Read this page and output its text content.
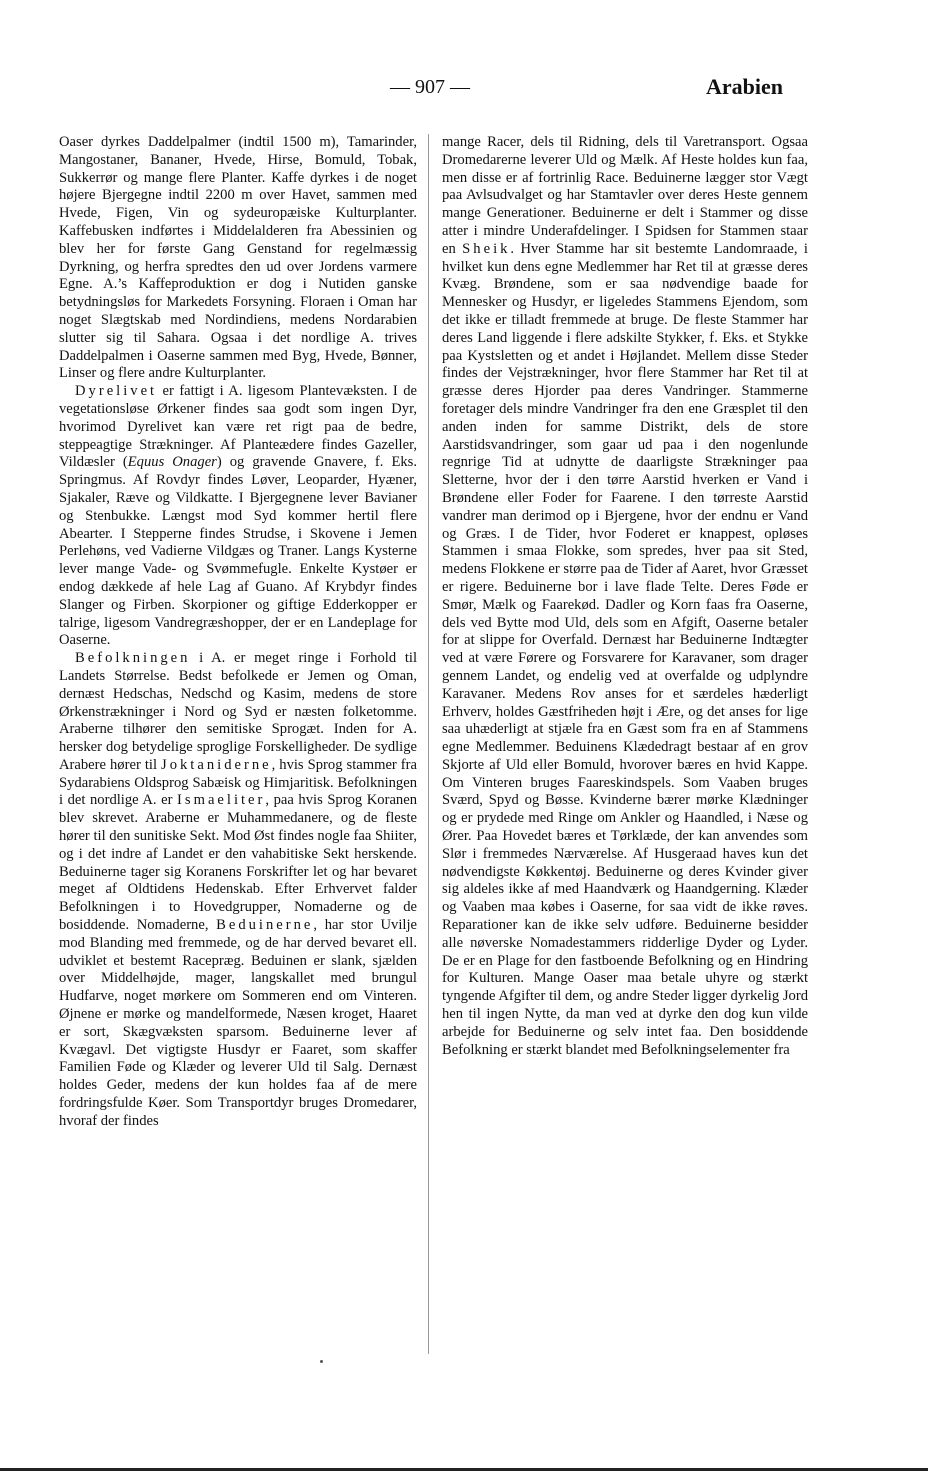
— 907 —	Arabien

Oaser dyrkes Daddelpalmer (indtil 1500 m), Tamarinder, Mangostaner, Bananer, Hvede, Hirse, Bomuld, Tobak, Sukkerrør og mange flere Planter. Kaffe dyrkes i de noget højere Bjergegne indtil 2200 m over Havet, sammen med Hvede, Figen, Vin og sydeuropæiske Kulturplanter. Kaffebusken indførtes i Middelalderen fra Abessinien og blev her for første Gang Genstand for regelmæssig Dyrkning, og herfra spredtes den ud over Jordens varmere Egne. A.’s Kaffeproduktion er dog i Nutiden ganske betydningsløs for Markedets Forsyning. Floraen i Oman har noget Slægtskab med Nordindiens, medens Nordarabien slutter sig til Sahara. Ogsaa i det nordlige A. trives Daddelpalmen i Oaserne sammen med Byg, Hvede, Bønner, Linser og flere andre Kulturplanter.

Dyrelivet er fattigt i A. ligesom Plantevæksten. I de vegetationsløse Ørkener findes saa godt som ingen Dyr, hvorimod Dyrelivet kan være ret rigt paa de bedre, steppeagtige Strækninger. Af Planteædere findes Gazeller, Vildæsler (Equus Onager) og gravende Gnavere, f. Eks. Springmus. Af Rovdyr findes Løver, Leoparder, Hyæner, Sjakaler, Ræve og Vildkatte. I Bjergegnene lever Bavianer og Stenbukke. Længst mod Syd kommer hertil flere Abearter. I Stepperne findes Strudse, i Skovene i Jemen Perlehøns, ved Vadierne Vildgæs og Traner. Langs Kysterne lever mange Vade- og Svømmefugle. Enkelte Kystøer er endog dækkede af hele Lag af Guano. Af Krybdyr findes Slanger og Firben. Skorpioner og giftige Edderkopper er talrige, ligesom Vandregræshopper, der er en Landeplage for Oaserne.

Befolkningen i A. er meget ringe i Forhold til Landets Størrelse. Bedst befolkede er Jemen og Oman, dernæst Hedschas, Nedschd og Kasim, medens de store Ørkenstrækninger i Nord og Syd er næsten folketomme. Araberne tilhører den semitiske Sprogæt. Inden for A. hersker dog betydelige sproglige Forskelligheder. De sydlige Arabere hører til Joktaniderne, hvis Sprog stammer fra Sydarabiens Oldsprog Sabæisk og Himjaritisk. Befolkningen i det nordlige A. er Ismaeliter, paa hvis Sprog Koranen blev skrevet. Araberne er Muhammedanere, og de fleste hører til den sunitiske Sekt. Mod Øst findes nogle faa Shiiter, og i det indre af Landet er den vahabitiske Sekt herskende. Beduinerne tager sig Koranens Forskrifter let og har bevaret meget af Oldtidens Hedenskab. Efter Erhvervet falder Befolkningen i to Hovedgrupper, Nomaderne og de bosiddende. Nomaderne, Beduinerne, har stor Uvilje mod Blanding med fremmede, og de har derved bevaret ell. udviklet et bestemt Racepræg. Beduinen er slank, sjælden over Middelhøjde, mager, langskallet med brungul Hudfarve, noget mørkere om Sommeren end om Vinteren. Øjnene er mørke og mandelformede, Næsen kroget, Haaret er sort, Skægvæksten sparsom. Beduinerne lever af Kvægavl. Det vigtigste Husdyr er Faaret, som skaffer Familien Føde og Klæder og leverer Uld til Salg. Dernæst holdes Geder, medens der kun holdes faa af de mere fordringsfulde Køer. Som Transportdyr bruges Dromedarer, hvoraf der findes

mange Racer, dels til Ridning, dels til Varetransport. Ogsaa Dromedarerne leverer Uld og Mælk. Af Heste holdes kun faa, men disse er af fortrinlig Race. Beduinerne lægger stor Vægt paa Avlsudvalget og har Stamtavler over deres Heste gennem mange Generationer. Beduinerne er delt i Stammer og disse atter i mindre Underafdelinger. I Spidsen for Stammen staar en Sheik. Hver Stamme har sit bestemte Landomraade, i hvilket kun dens egne Medlemmer har Ret til at græsse deres Kvæg. Brøndene, som er saa nødvendige baade for Mennesker og Husdyr, er ligeledes Stammens Ejendom, som det ikke er tilladt fremmede at bruge. De fleste Stammer har deres Land liggende i flere adskilte Stykker, f. Eks. et Stykke paa Kystsletten og et andet i Højlandet. Mellem disse Steder findes der Vejstrækninger, hvor flere Stammer har Ret til at græsse deres Hjorder paa deres Vandringer. Stammerne foretager dels mindre Vandringer fra den ene Græsplet til den anden inden for samme Distrikt, dels de store Aarstidsvandringer, som gaar ud paa i den nogenlunde regnrige Tid at udnytte de daarligste Strækninger paa Sletterne, hvor der i den tørre Aarstid hverken er Vand i Brøndene eller Foder for Faarene. I den tørreste Aarstid vandrer man derimod op i Bjergene, hvor der endnu er Vand og Græs. I de Tider, hvor Foderet er knappest, opløses Stammen i smaa Flokke, som spredes, hver paa sit Sted, medens Flokkene er større paa de Tider af Aaret, hvor Græsset er rigere. Beduinerne bor i lave flade Telte. Deres Føde er Smør, Mælk og Faarekød. Dadler og Korn faas fra Oaserne, dels ved Bytte mod Uld, dels som en Afgift, Oaserne betaler for at slippe for Overfald. Dernæst har Beduinerne Indtægter ved at være Førere og Forsvarere for Karavaner, som drager gennem Landet, og endelig ved at overfalde og udplyndre Karavaner. Medens Rov anses for et særdeles hæderligt Erhverv, holdes Gæstfriheden højt i Ære, og det anses for lige saa uhæderligt at stjæle fra en Gæst som fra en af Stammens egne Medlemmer. Beduinens Klædedragt bestaar af en grov Skjorte af Uld eller Bomuld, hvorover bæres en hvid Kappe. Om Vinteren bruges Faareskindspels. Som Vaaben bruges Sværd, Spyd og Bøsse. Kvinderne bærer mørke Klædninger og er prydede med Ringe om Ankler og Haandled, i Næse og Ører. Paa Hovedet bæres et Tørklæde, der kan anvendes som Slør i fremmedes Nærværelse. Af Husgeraad haves kun det nødvendigste Køkkentøj. Beduinerne og deres Kvinder giver sig aldeles ikke af med Haandværk og Haandgerning. Klæder og Vaaben maa købes i Oaserne, for saa vidt de ikke røves. Reparationer kan de ikke selv udføre. Beduinerne besidder alle nøverske Nomadestammers ridderlige Dyder og Lyder. De er en Plage for den fastboende Befolkning og en Hindring for Kulturen. Mange Oaser maa betale uhyre og stærkt tyngende Afgifter til dem, og andre Steder ligger dyrkelig Jord hen til ingen Nytte, da man ved at dyrke den dog kun vilde arbejde for Beduinerne og selv intet faa. Den bosiddende Befolkning er stærkt blandet med Befolkningselementer fra
